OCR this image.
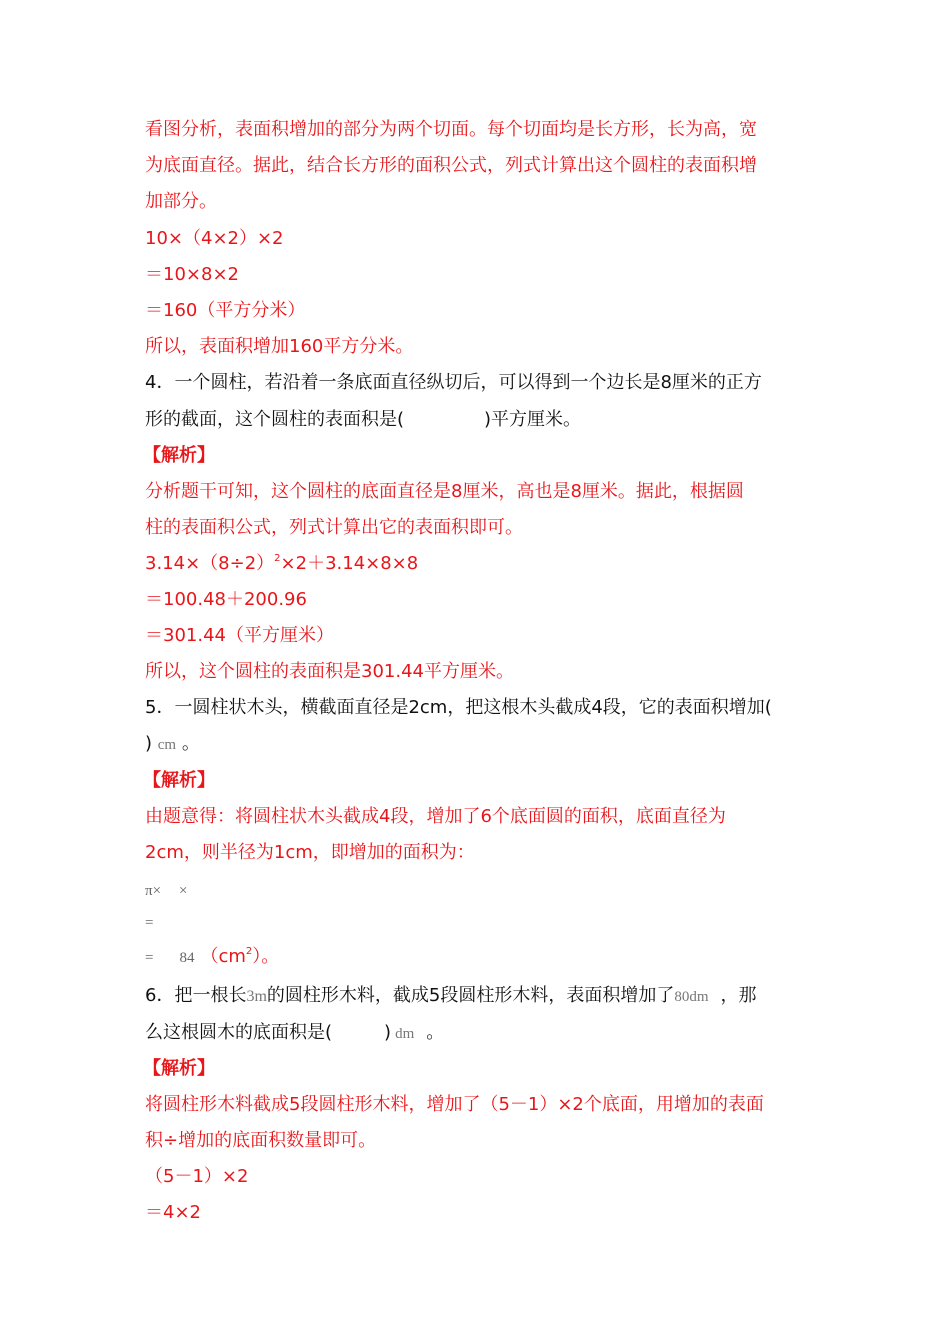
看图分析，表面积增加的部分为两个切面。每个切面均是长方形，长为高，宽
为底面直径。据此，结合长方形的面积公式，列式计算出这个圆柱的表面积增
加部分。
10×（4×2）×2
＝10×8×2
＝160（平方分米）
所以，表面积增加160平方分米。
4．一个圆柱，若沿着一条底面直径纵切后，可以得到一个边长是8厘米的正方
形的截面，这个圆柱的表面积是(	)平方厘米。
【解析】
分析题干可知，这个圆柱的底面直径是8厘米，高也是8厘米。据此，根据圆
柱的表面积公式，列式计算出它的表面积即可。
$3.14\times(8\div 2)^2\times 2+3.14\times 8\times 8$
＝100.48＋200.96
＝301.44（平方厘米）
所以，这个圆柱的表面积是301.44平方厘米。
5．一圆柱状木头，横截面直径是2cm，把这根木头截成4段，它的表面积增加(
) cm 。
【解析】
由题意得：将圆柱状木头截成4段，增加了6个底面圆的面积，底面直径为
2cm，则半径为1cm，即增加的面积为：
π× ×
=
= 84 $(cm^2)$。
6．把一根长3m的圆柱形木料，截成5段圆柱形木料，表面积增加了80dm ，那
么这根圆木的底面积是(	) dm 。
【解析】
将圆柱形木料截成5段圆柱形木料，增加了（5－1）×2个底面，用增加的表面
积÷增加的底面积数量即可。
（5－1）×2
＝4×2
